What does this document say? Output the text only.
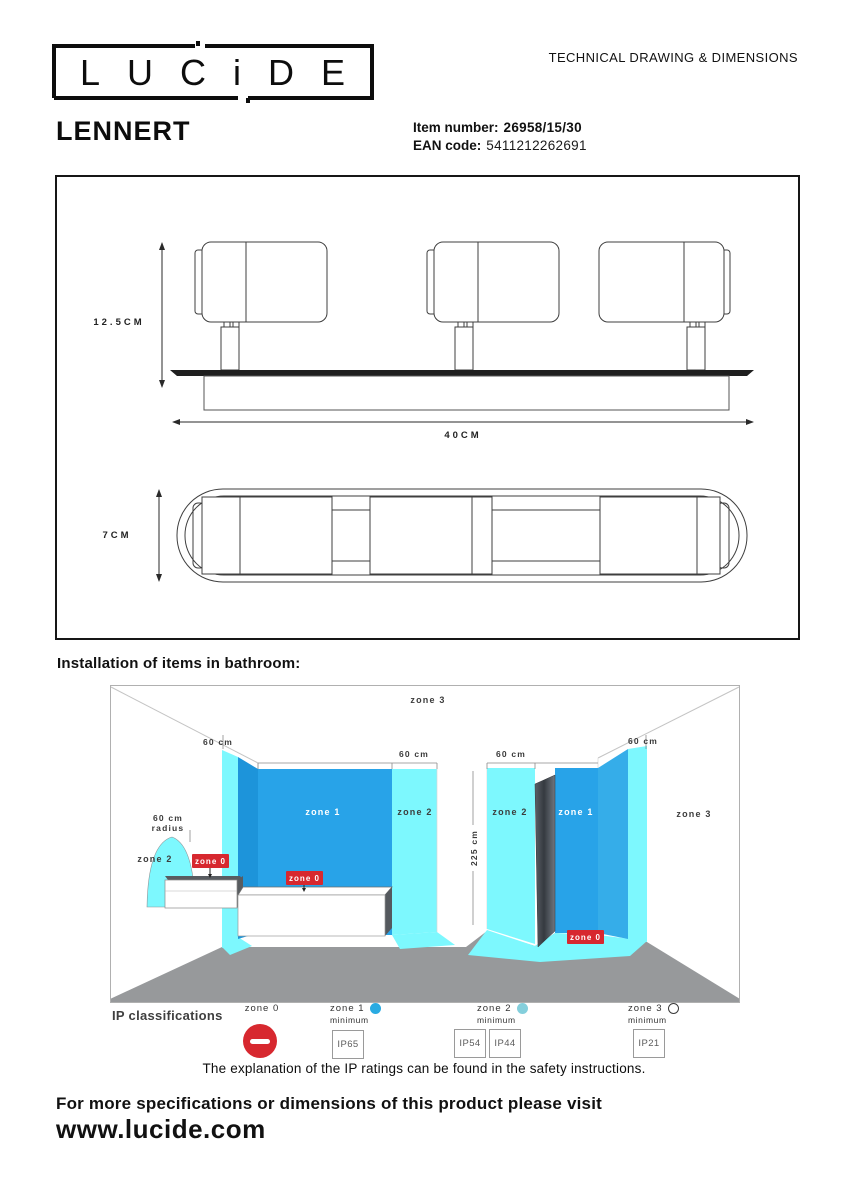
LUCiDE	TECHNICAL DRAWING & DIMENSIONS
LENNERT	Item number: 26958/15/30
EAN code: 5411212262691
12.5CM
40CM
7CM
Installation of items in bathroom:
60 cm
60 cm	60 cm
60 cm
225 cm
60 cm
radius
zone 3
zone 1	zone 2	zone 2	zone 1	zone 3
zone 2	zone 0
zone 0
zone 0
IP classifications	zone 0	zone 1
minimum
IP65
zone 2
minimum
IP54	IP44
zone 3
minimum
IP21
The explanation of the IP ratings can be found in the safety instructions.
For more specifications or dimensions of this product please visit
www.lucide.com
